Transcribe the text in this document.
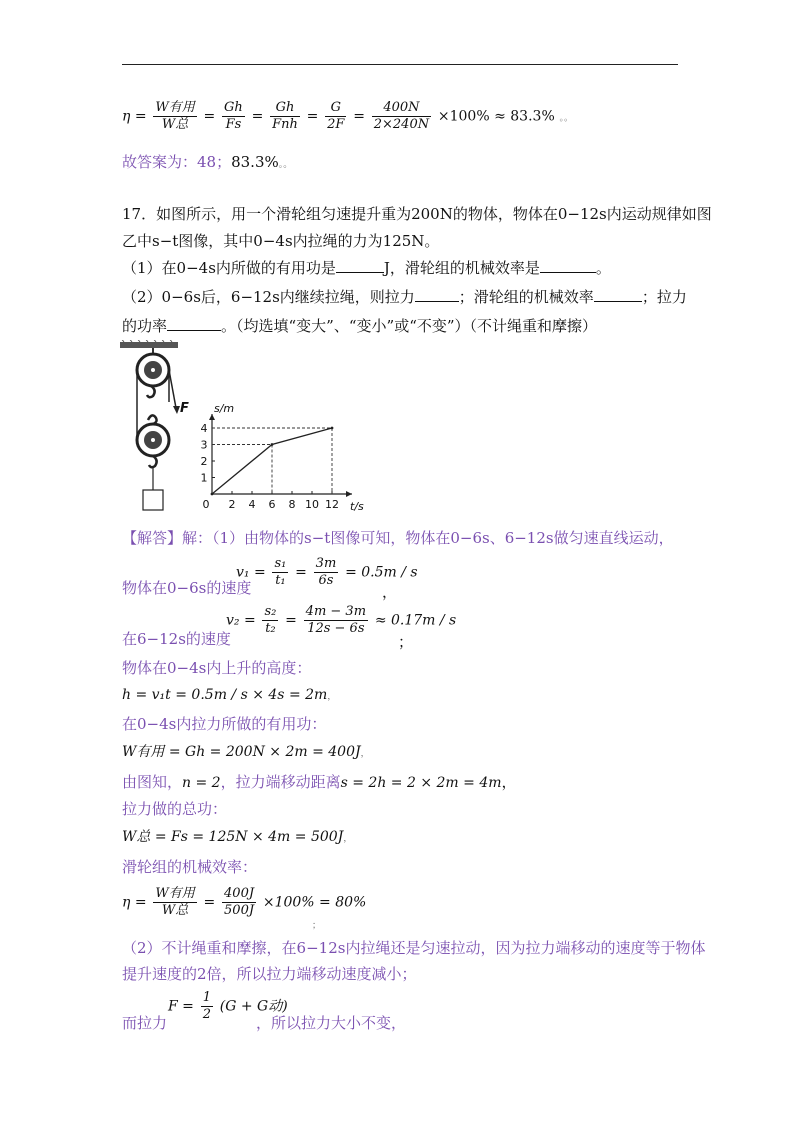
$\eta = \frac{\text{W有用}}{\text{W总}} = \frac{Gh}{Fs} = \frac{Gh}{\text{Fnh}} = \frac{G}{2F} = \frac{400N}{2\times 240N} \times 100\% \approx 83.3\%$ 。。
故答案为：48；83.3%。。
17．如图所示，用一个滑轮组匀速提升重为200N的物体，物体在0−12s内运动规律如图
乙中s−t图像，其中0−4s内拉绳的力为125N。
（1）在0−4s内所做的有用功是	J，滑轮组的机械效率是	。
（2）0−6s后，6−12s内继续拉绳，则拉力	；滑轮组的机械效率	；拉力
的功率	。（均选填“变大”、“变小”或“不变”）（不计绳重和摩擦）
F
0 2 4 6 8 10 12
1
2
3
4
t/s
s/m
【解答】解：（1）由物体的s−t图像可知，物体在0−6s、6−12s做匀速直线运动，
物体在0−6s的速度
$v_1 = \frac{\text{s₁}}{\text{t₁}} = \frac{3m}{6s} = 0.5m / s$
，
在6−12s的速度
$v_2 = \frac{\text{s₂}}{\text{t₂}} = \frac{4m - 3m}{12s - 6s} \approx 0.17m / s$
；
物体在0−4s内上升的高度：
h = v₁t = 0.5m / s × 4s = 2m，
在0−4s内拉力所做的有用功：
W有用 = Gh = 200N × 2m = 400J，
由图知，n = 2，拉力端移动距离s = 2h = 2 × 2m = 4m，
拉力做的总功：
W总 = Fs = 125N × 4m = 500J，
滑轮组的机械效率：
$\eta = \frac{\text{W有用}}{\text{W总}} = \frac{400J}{500J} \times 100\% = 80\%$
；
（2）不计绳重和摩擦，在6−12s内拉绳还是匀速拉动，因为拉力端移动的速度等于物体
提升速度的2倍，所以拉力端移动速度减小；
而拉力
$F = \frac{1}{2} (G + G$动)
，所以拉力大小不变，
